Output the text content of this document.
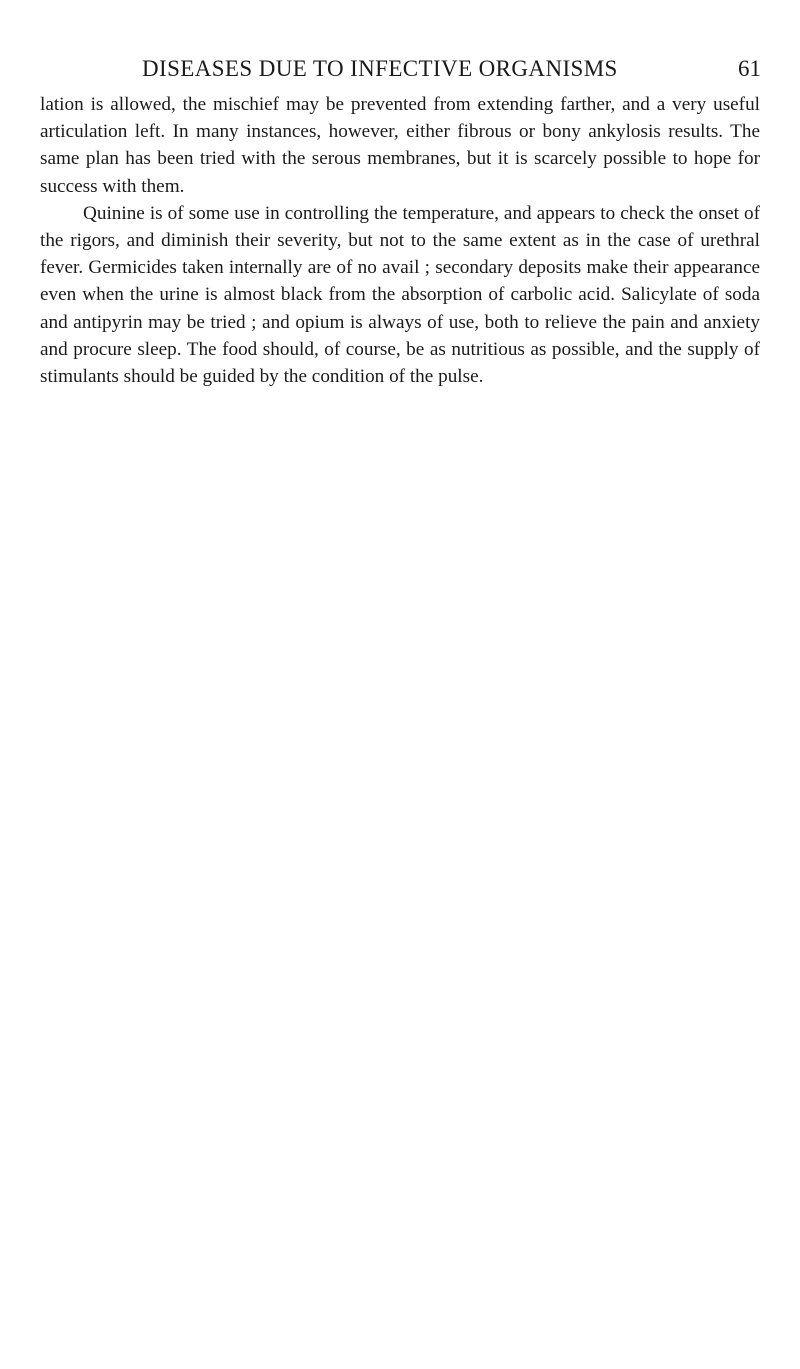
DISEASES DUE TO INFECTIVE ORGANISMS	61

lation is allowed, the mischief may be prevented from extending farther, and a very useful articulation left. In many instances, however, either fibrous or bony ankylosis results. The same plan has been tried with the serous membranes, but it is scarcely possible to hope for success with them.

Quinine is of some use in controlling the temperature, and appears to check the onset of the rigors, and diminish their severity, but not to the same extent as in the case of urethral fever. Germicides taken internally are of no avail ; secondary deposits make their appearance even when the urine is almost black from the absorption of carbolic acid. Salicylate of soda and antipyrin may be tried ; and opium is always of use, both to relieve the pain and anxiety and procure sleep. The food should, of course, be as nutritious as possible, and the supply of stimulants should be guided by the condition of the pulse.
